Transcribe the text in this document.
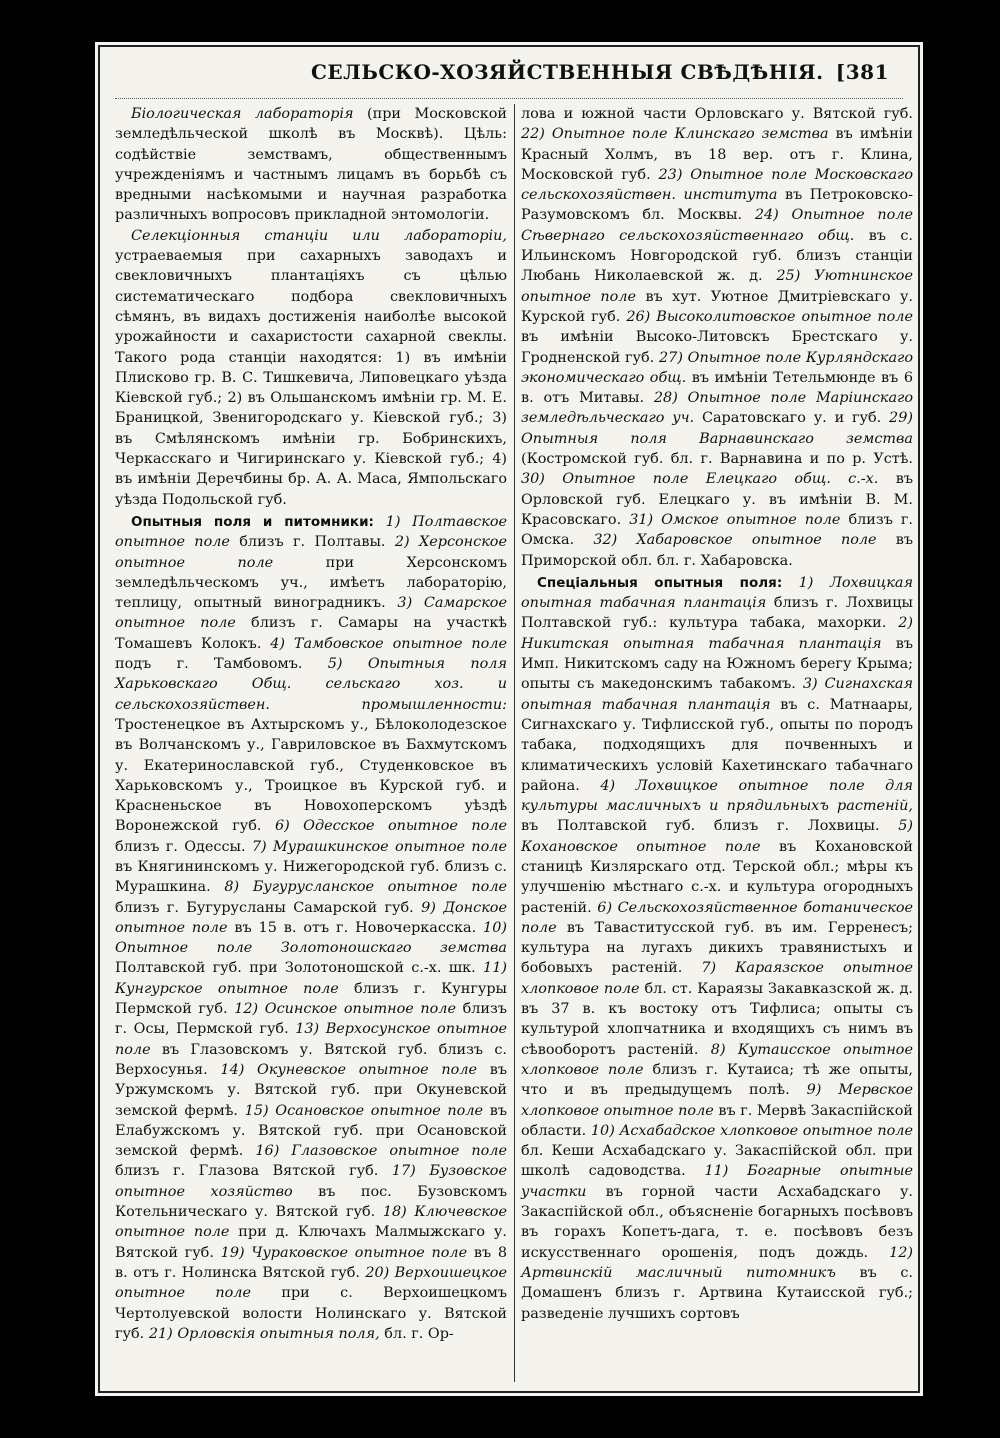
СЕЛЬСКО-ХОЗЯЙСТВЕННЫЯ СВѢДѢНІЯ. [381

Біологическая лабораторія (при Московской земледѣльческой школѣ въ Москвѣ). Цѣль: содѣйствіе земствамъ, общественнымъ учрежденіямъ и частнымъ лицамъ въ борьбѣ съ вредными насѣкомыми и научная разработка различныхъ вопросовъ прикладной энтомологіи.

Селекціонныя станціи или лабораторіи, устраеваемыя при сахарныхъ заводахъ и свекловичныхъ плантаціяхъ съ цѣлью систематическаго подбора свекловичныхъ сѣмянъ, въ видахъ достиженія наиболѣе высокой урожайности и сахаристости сахарной свеклы. Такого рода станціи находятся: 1) въ имѣніи Плисково гр. В. С. Тишкевича, Липовецкаго уѣзда Кіевской губ.; 2) въ Ольшанскомъ имѣніи гр. М. Е. Браницкой, Звенигородскаго у. Кіевской губ.; 3) въ Смѣлянскомъ имѣніи гр. Бобринскихъ, Черкасскаго и Чигиринскаго у. Кіевской губ.; 4) въ имѣніи Деречбины бр. А. А. Маса, Ямпольскаго уѣзда Подольской губ.

Опытныя поля и питомники: 1) Полтавское опытное поле близъ г. Полтавы. 2) Херсонское опытное поле при Херсонскомъ земледѣльческомъ уч., имѣетъ лабораторію, теплицу, опытный виноградникъ. 3) Самарское опытное поле близъ г. Самары на участкѣ Томашевъ Колокъ. 4) Тамбовское опытное поле подъ г. Тамбовомъ. 5) Опытныя поля Харьковскаго Общ. сельскаго хоз. и сельскохозяйствен. промышленности: Тростенецкое въ Ахтырскомъ у., Бѣлоколодезское въ Волчанскомъ у., Гавриловское въ Бахмутскомъ у. Екатеринославской губ., Студенковское въ Харьковскомъ у., Троицкое въ Курской губ. и Красненьское въ Новохоперскомъ уѣздѣ Воронежской губ. 6) Одесское опытное поле близъ г. Одессы. 7) Мурашкинское опытное поле въ Княгининскомъ у. Нижегородской губ. близъ с. Мурашкина. 8) Бугурусланское опытное поле близъ г. Бугурусланы Самарской губ. 9) Донское опытное поле въ 15 в. отъ г. Новочеркасска. 10) Опытное поле Золотоношскаго земства Полтавской губ. при Золотоношской с.-х. шк. 11) Кунгурское опытное поле близъ г. Кунгуры Пермской губ. 12) Осинское опытное поле близъ г. Осы, Пермской губ. 13) Верхосунское опытное поле въ Глазовскомъ у. Вятской губ. близъ с. Верхосунья. 14) Окуневское опытное поле въ Уржумскомъ у. Вятской губ. при Окуневской земской фермѣ. 15) Осановское опытное поле въ Елабужскомъ у. Вятской губ. при Осановской земской фермѣ. 16) Глазовское опытное поле близъ г. Глазова Вятской губ. 17) Бузовское опытное хозяйство въ пос. Бузовскомъ Котельническаго у. Вятской губ. 18) Ключевское опытное поле при д. Ключахъ Малмыжскаго у. Вятской губ. 19) Чураковское опытное поле въ 8 в. отъ г. Нолинска Вятской губ. 20) Верхоишецкое опытное поле при с. Верхоишецкомъ Чертолуевской волости Нолинскаго у. Вятской губ. 21) Орловскія опытныя поля, бл. г. Ор-

лова и южной части Орловскаго у. Вятской губ. 22) Опытное поле Клинскаго земства въ имѣніи Красный Холмъ, въ 18 вер. отъ г. Клина, Московской губ. 23) Опытное поле Московскаго сельскохозяйствен. института въ Петроковско-Разумовскомъ бл. Москвы. 24) Опытное поле Сѣвернаго сельскохозяйственнаго общ. въ с. Ильинскомъ Новгородской губ. близъ станціи Любань Николаевской ж. д. 25) Уютнинское опытное поле въ хут. Уютное Дмитріевскаго у. Курской губ. 26) Высоколитовское опытное поле въ имѣніи Высоко-Литовскъ Брестскаго у. Гродненской губ. 27) Опытное поле Курляндскаго экономическаго общ. въ имѣніи Тетельмюнде въ 6 в. отъ Митавы. 28) Опытное поле Маріинскаго земледѣльческаго уч. Саратовскаго у. и губ. 29) Опытныя поля Варнавинскаго земства (Костромской губ. бл. г. Варнавина и по р. Устѣ. 30) Опытное поле Елецкаго общ. с.-х. въ Орловской губ. Елецкаго у. въ имѣніи В. М. Красовскаго. 31) Омское опытное поле близъ г. Омска. 32) Хабаровское опытное поле въ Приморской обл. бл. г. Хабаровска.

Спеціальныя опытныя поля: 1) Лохвицкая опытная табачная плантація близъ г. Лохвицы Полтавской губ.: культура табака, махорки. 2) Никитская опытная табачная плантація въ Имп. Никитскомъ саду на Южномъ берегу Крыма; опыты съ македонскимъ табакомъ. 3) Сигнахская опытная табачная плантація въ с. Матнаары, Сигнахскаго у. Тифлисской губ., опыты по породъ табака, подходящихъ для почвенныхъ и климатическихъ условій Кахетинскаго табачнаго района. 4) Лохвицкое опытное поле для культуры масличныхъ и прядильныхъ растеній, въ Полтавской губ. близъ г. Лохвицы. 5) Кохановское опытное поле въ Кохановской станицѣ Кизлярскаго отд. Терской обл.; мѣры къ улучшенію мѣстнаго с.-х. и культура огородныхъ растеній. 6) Сельскохозяйственное ботаническое поле въ Таваститусской губ. въ им. Герренесъ; культура на лугахъ дикихъ травянистыхъ и бобовыхъ растеній. 7) Караязское опытное хлопковое поле бл. ст. Караязы Закавказской ж. д. въ 37 в. къ востоку отъ Тифлиса; опыты съ культурой хлопчатника и входящихъ съ нимъ въ сѣвооборотъ растеній. 8) Кутаисское опытное хлопковое поле близъ г. Кутаиса; тѣ же опыты, что и въ предыдущемъ полѣ. 9) Мервское хлопковое опытное поле въ г. Мервѣ Закаспійской области. 10) Асхабадское хлопковое опытное поле бл. Кеши Асхабадскаго у. Закаспійской обл. при школѣ садоводства. 11) Богарные опытные участки въ горной части Асхабадскаго у. Закаспійской обл., объясненіе богарныхъ посѣвовъ въ горахъ Копетъ-дага, т. е. посѣвовъ безъ искусственнаго орошенія, подъ дождь. 12) Артвинскій масличный питомникъ въ с. Домашенъ близъ г. Артвина Кутаисской губ.; разведеніе лучшихъ сортовъ
